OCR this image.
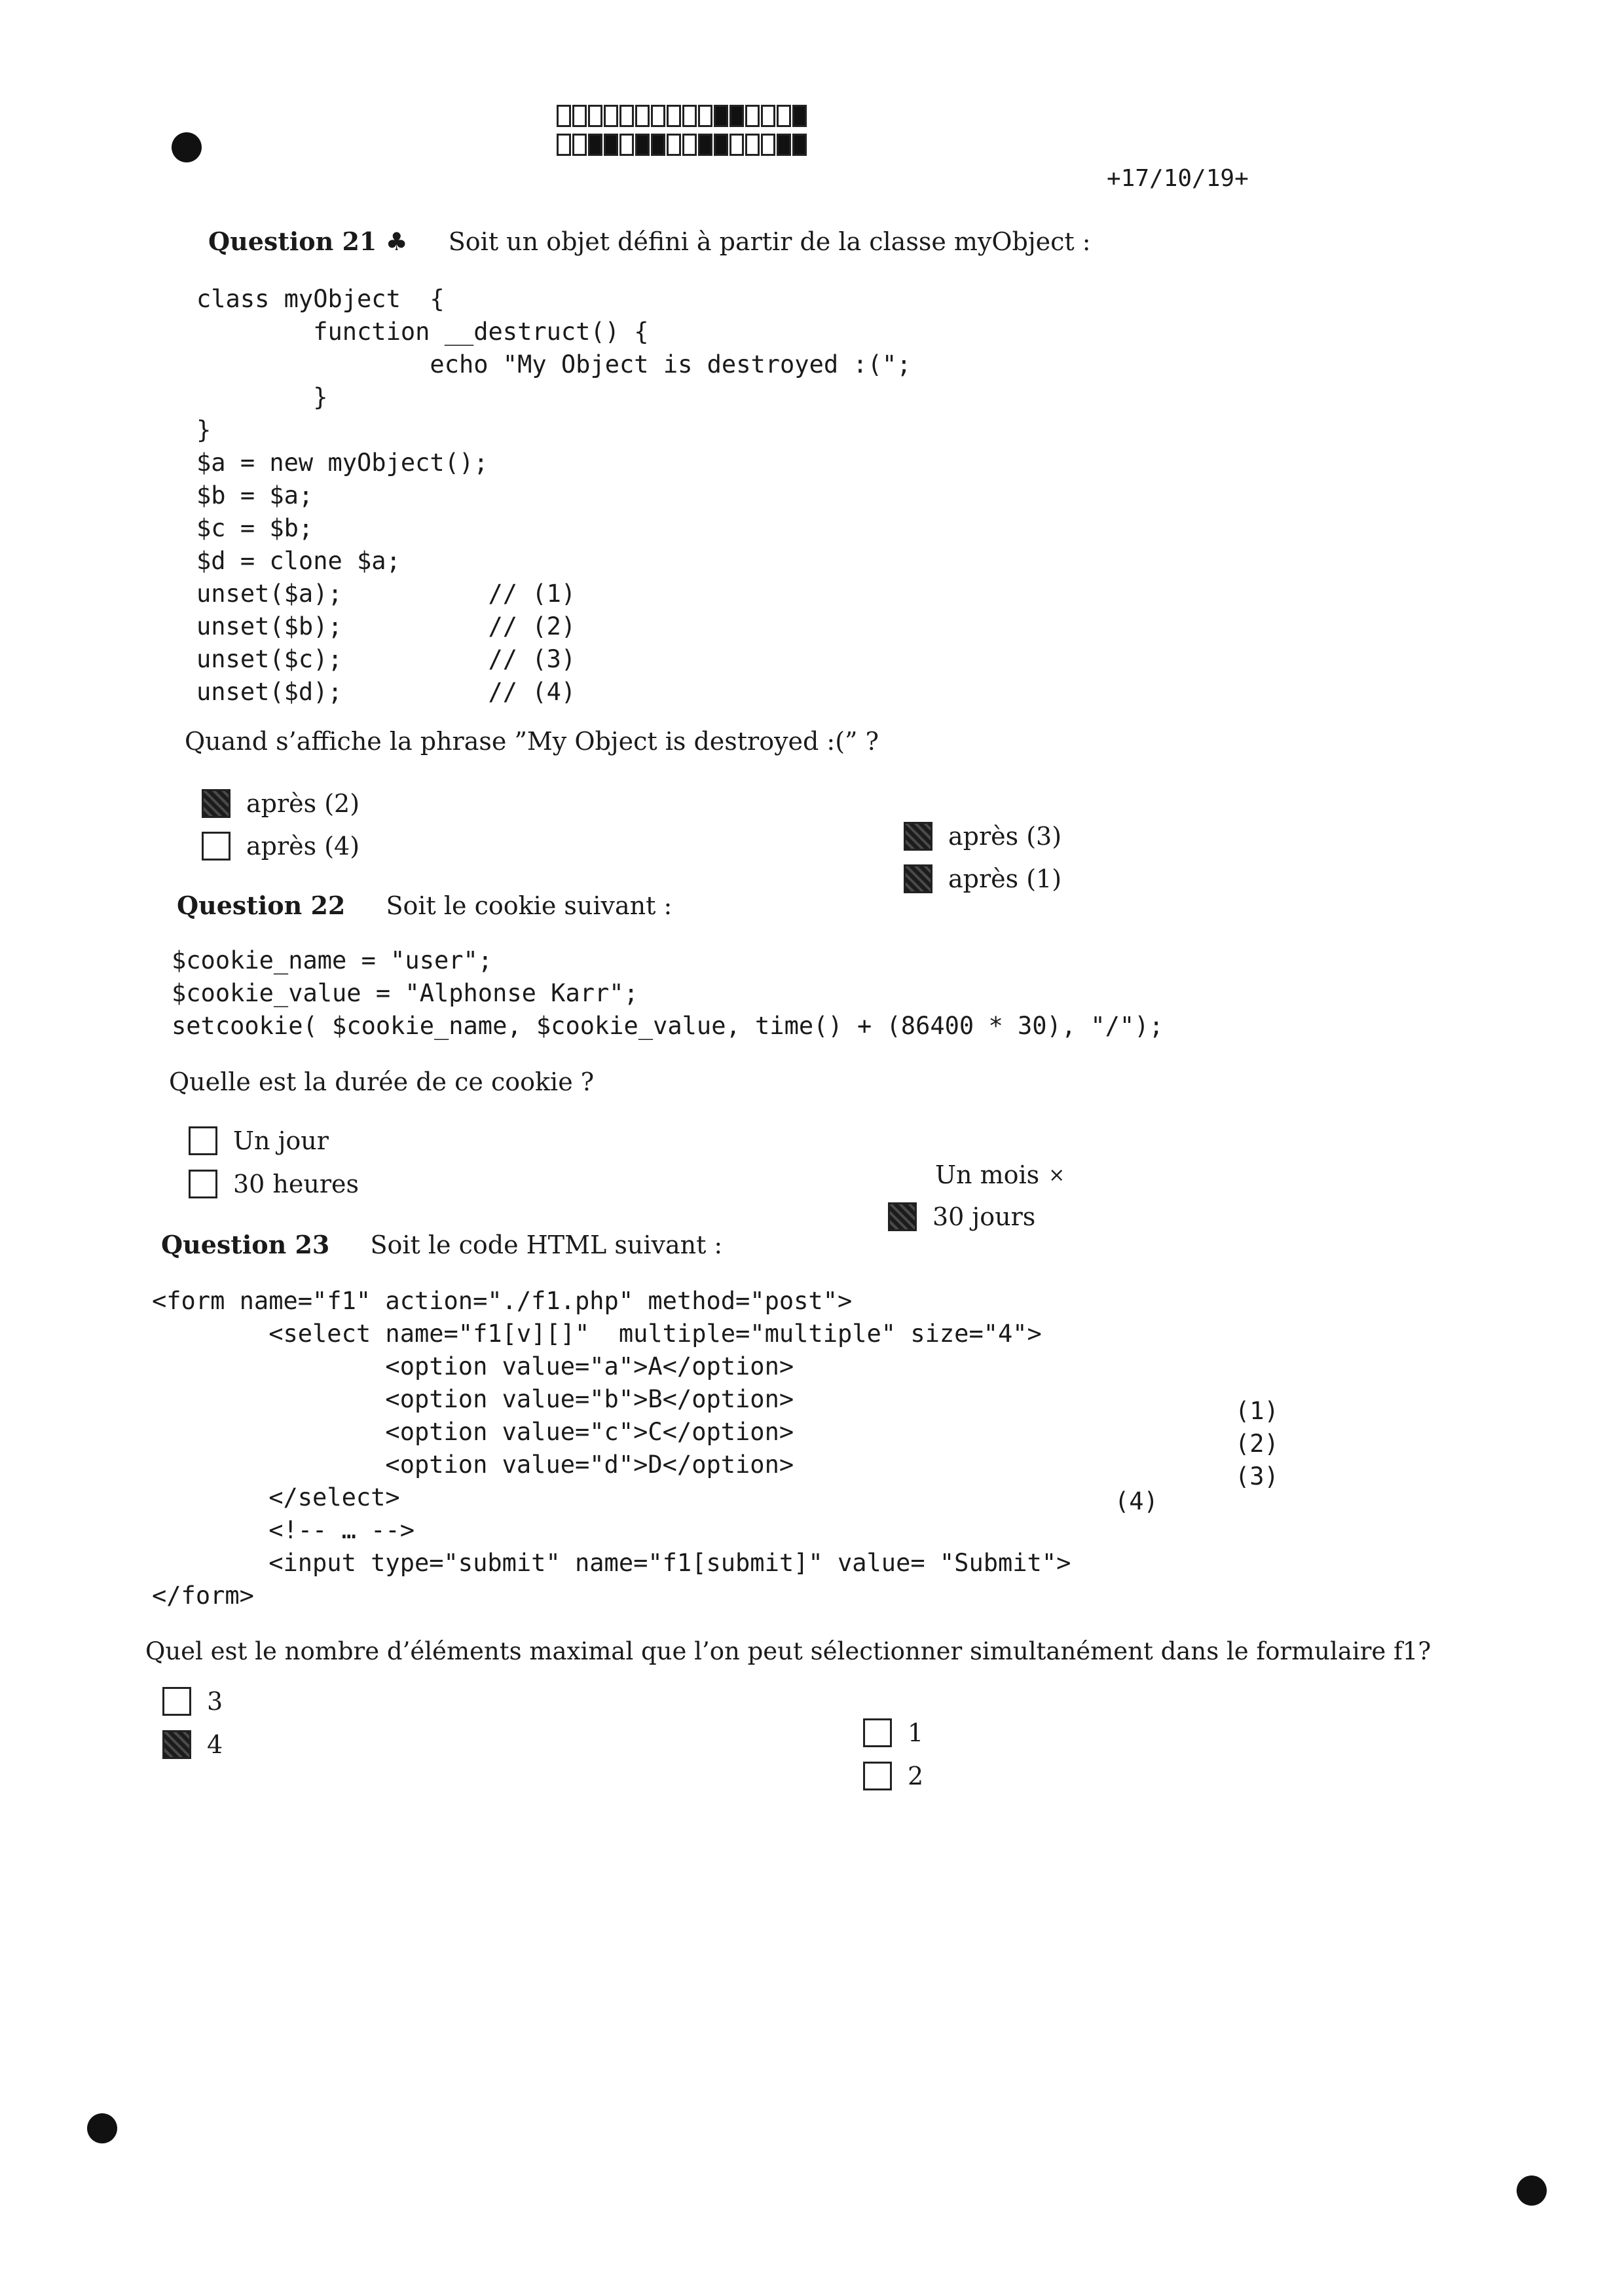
+17/10/19+
Question 21 ♣ Soit un objet défini à partir de la classe myObject :
class myObject  {
function __destruct() {
echo "My Object is destroyed :(";
}
}
$a = new myObject();
$b = $a;
$c = $b;
$d = clone $a;
unset($a);          // (1)
unset($b);          // (2)
unset($c);          // (3)
unset($d);          // (4)
Quand s’affiche la phrase ”My Object is destroyed :(” ?
après (2)
après (4)	après (3)
après (1)
Question 22 Soit le cookie suivant :
$cookie_name = "user";
$cookie_value = "Alphonse Karr";
setcookie( $cookie_name, $cookie_value, time() + (86400 * 30), "/");
Quelle est la durée de ce cookie ?
Un jour
30 heures	Un mois ×
30 jours
Question 23 Soit le code HTML suivant :
<form name="f1" action="./f1.php" method="post">
<select name="f1[v][]"  multiple="multiple" size="4">
<option value="a">A</option>
<option value="b">B</option>
<option value="c">C</option>
<option value="d">D</option>
</select>
<!-- … -->
<input type="submit" name="f1[submit]" value= "Submit">
</form>
(1)
(2)
(3)
(4)
Quel est le nombre d’éléments maximal que l’on peut sélectionner simultanément dans le formulaire f1?
3
4	1
2
